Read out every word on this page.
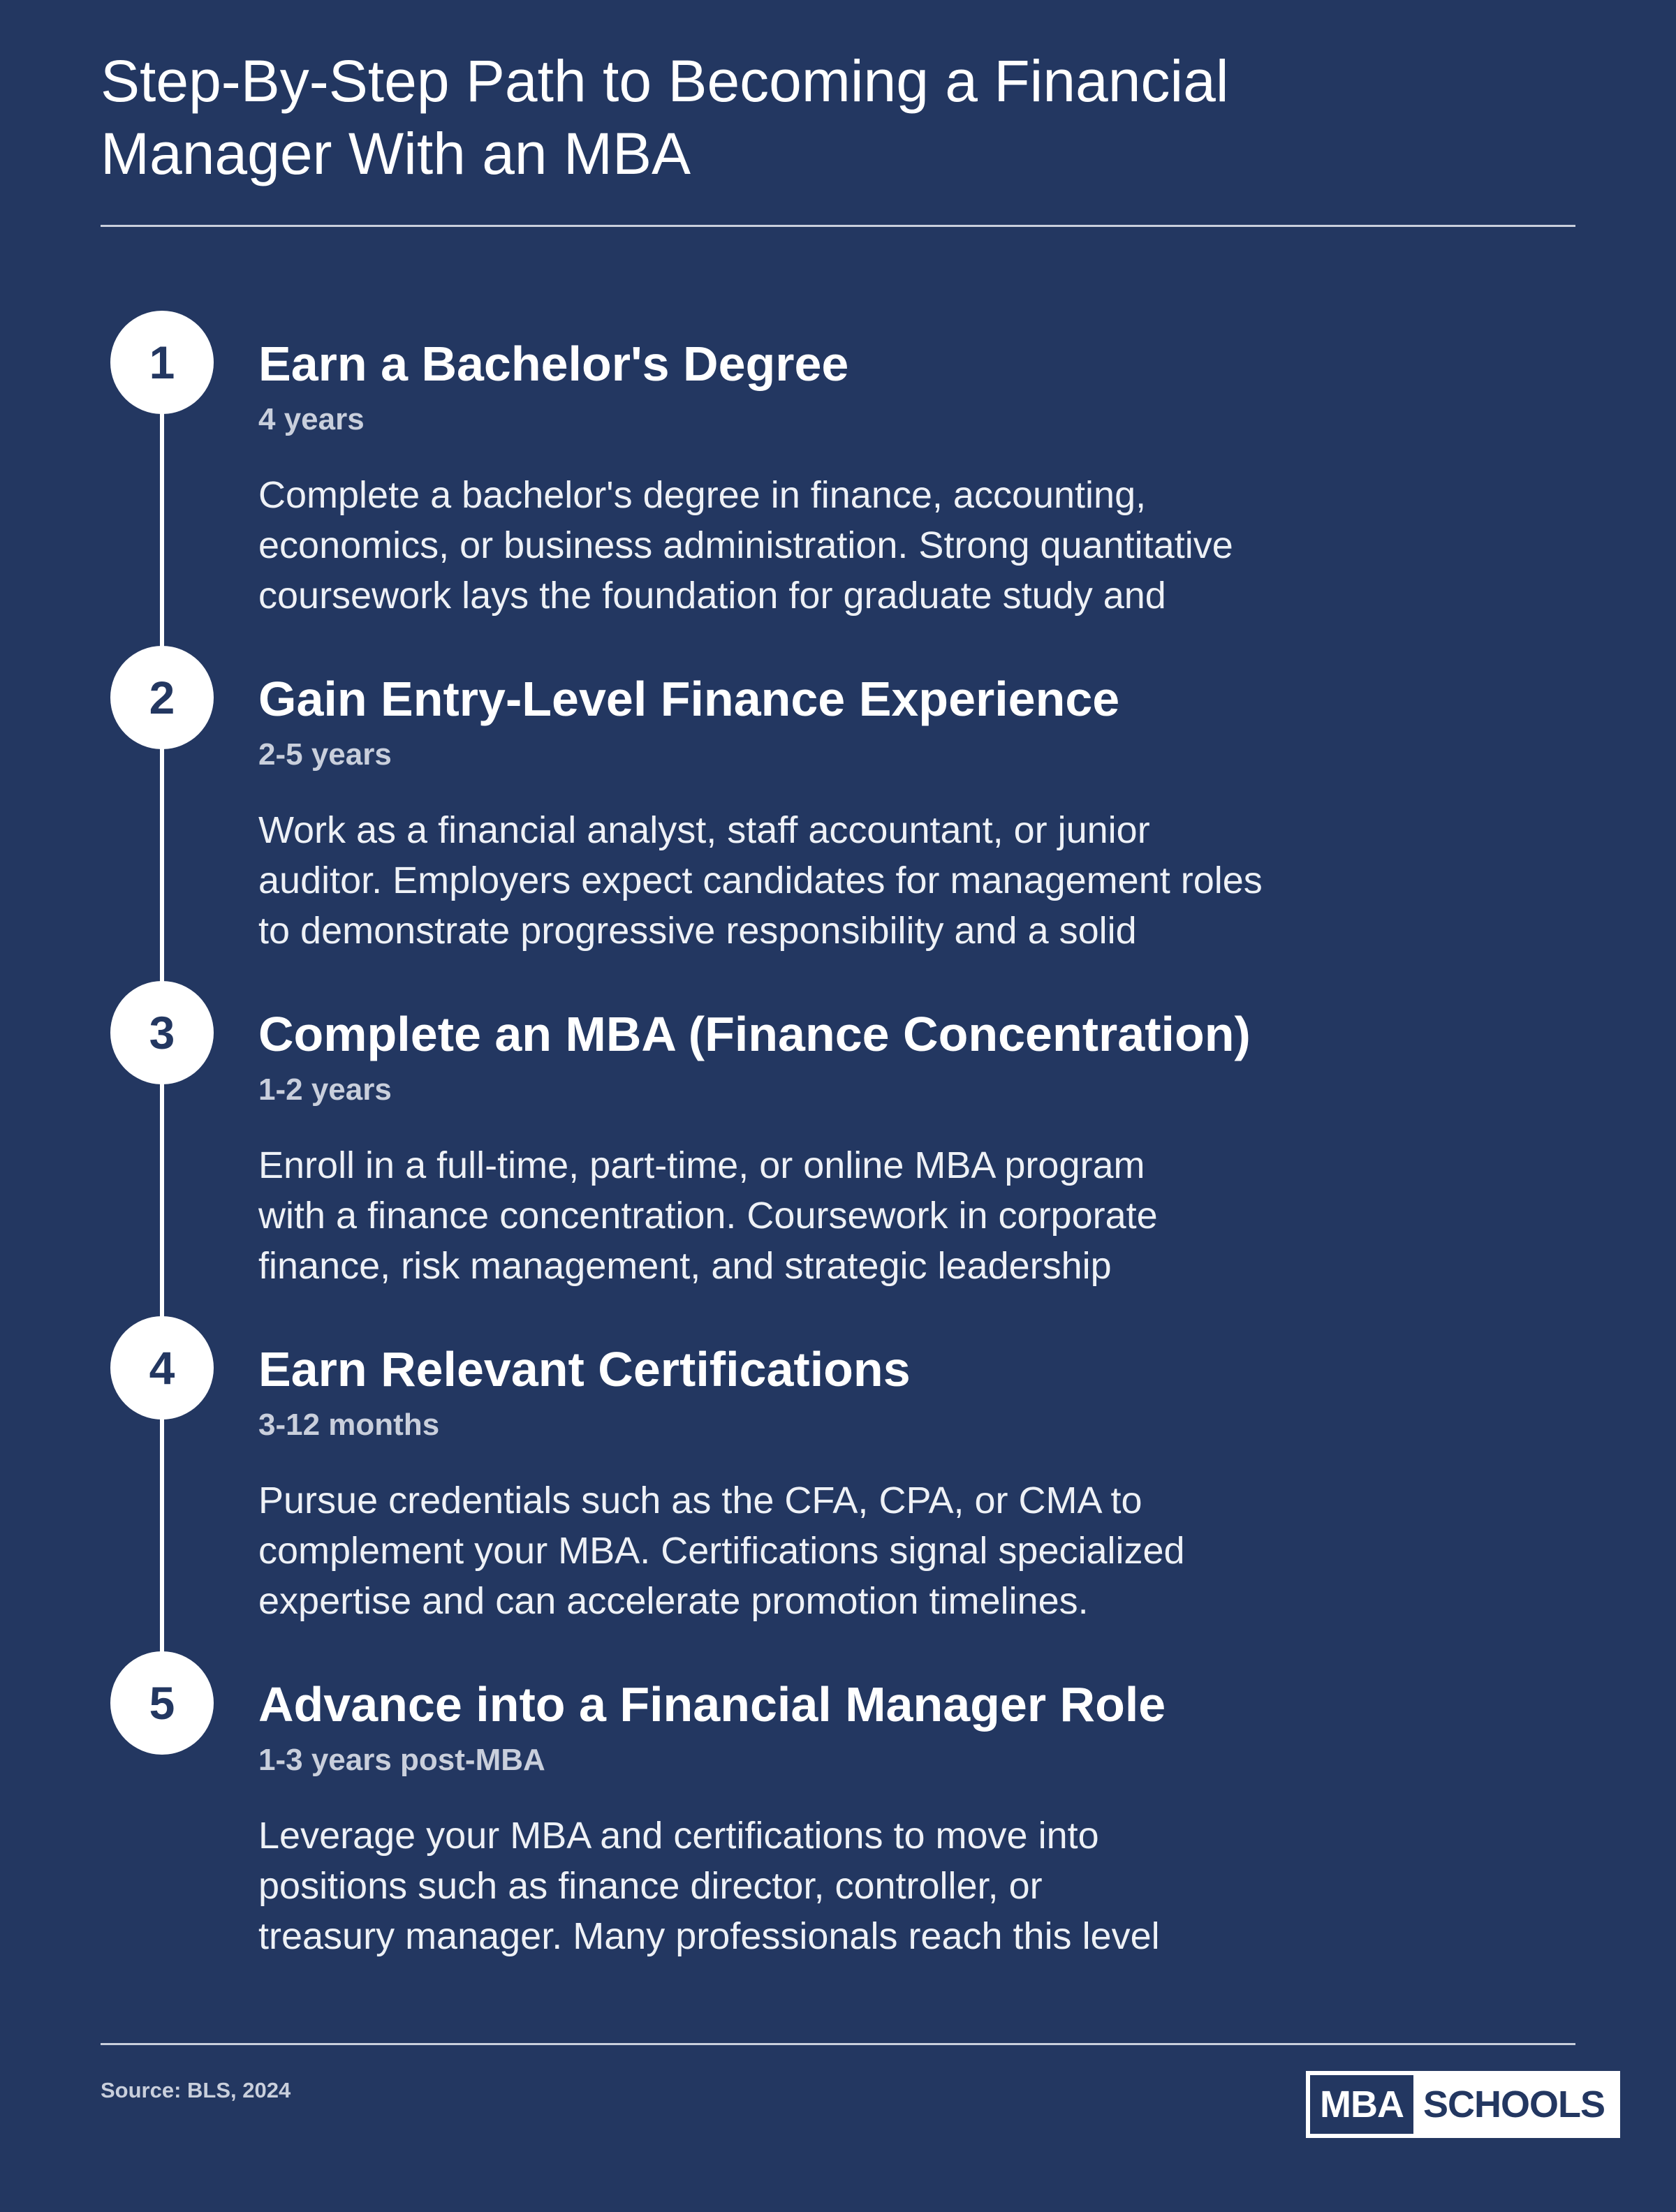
Step-By-Step Path to Becoming a Financial Manager With an MBA
1	Earn a Bachelor's Degree
4 years
Complete a bachelor's degree in finance, accounting,
economics, or business administration. Strong quantitative
coursework lays the foundation for graduate study and
2	Gain Entry-Level Finance Experience
2-5 years
Work as a financial analyst, staff accountant, or junior
auditor. Employers expect candidates for management roles
to demonstrate progressive responsibility and a solid
3	Complete an MBA (Finance Concentration)
1-2 years
Enroll in a full-time, part-time, or online MBA program
with a finance concentration. Coursework in corporate
finance, risk management, and strategic leadership
4	Earn Relevant Certifications
3-12 months
Pursue credentials such as the CFA, CPA, or CMA to
complement your MBA. Certifications signal specialized
expertise and can accelerate promotion timelines.
5	Advance into a Financial Manager Role
1-3 years post-MBA
Leverage your MBA and certifications to move into
positions such as finance director, controller, or
treasury manager. Many professionals reach this level
Source: BLS, 2024	MBA SCHOOLS
